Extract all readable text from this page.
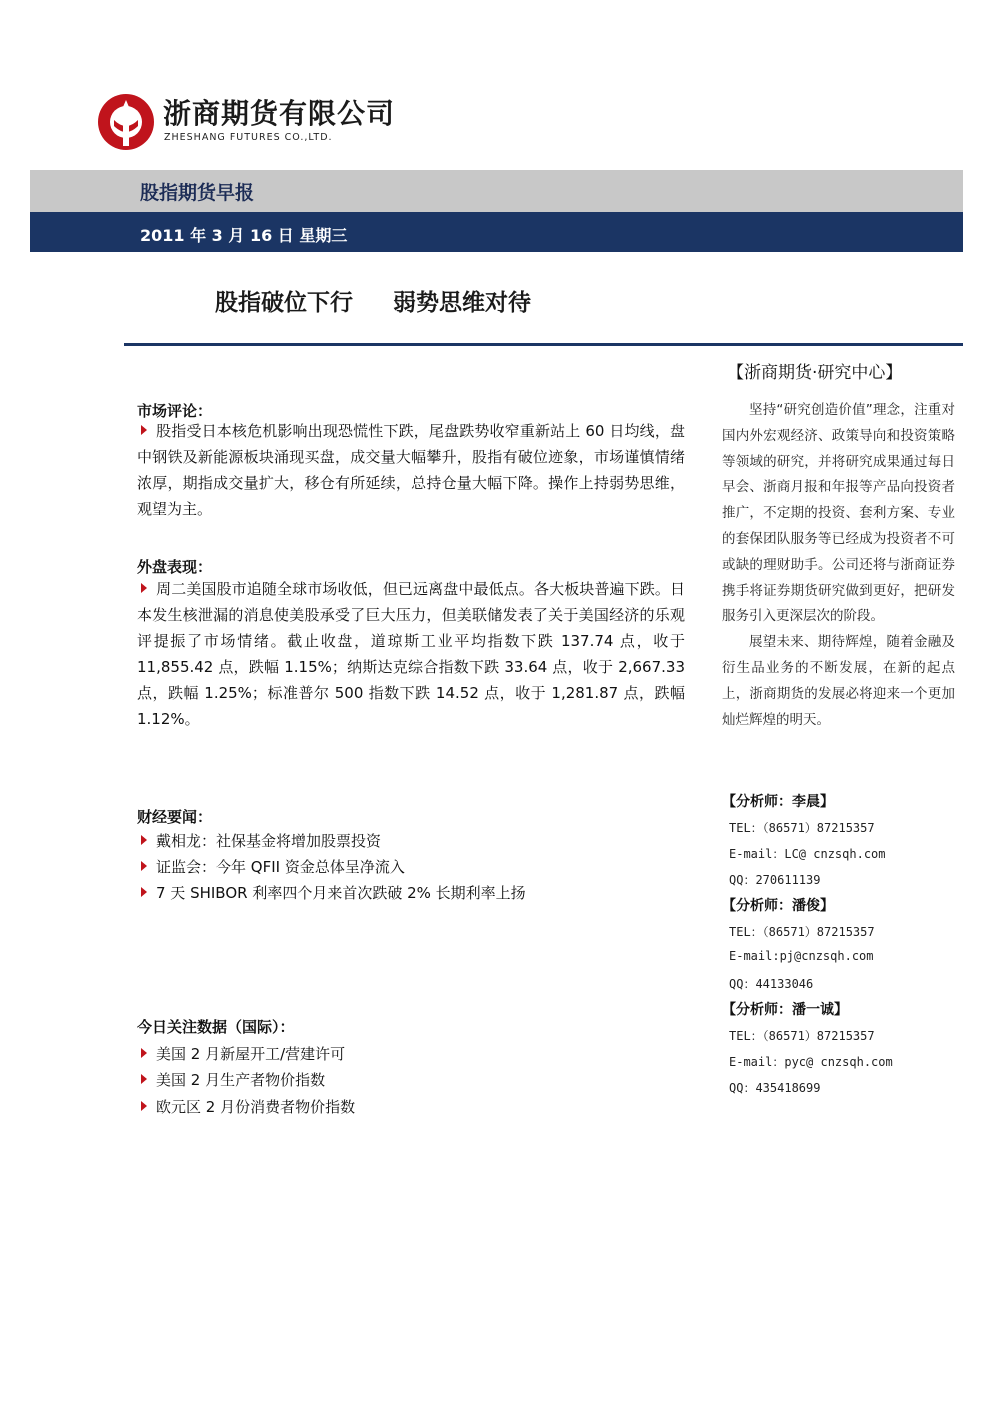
浙商期货有限公司
ZHESHANG FUTURES CO.,LTD.
股指期货早报
2011 年 3 月 16 日 星期三
股指破位下行     弱势思维对待
市场评论：
股指受日本核危机影响出现恐慌性下跌，尾盘跌势收窄重新站上 60 日均线，盘中钢铁及新能源板块涌现买盘，成交量大幅攀升，股指有破位迹象，市场谨慎情绪浓厚，期指成交量扩大，移仓有所延续，总持仓量大幅下降。操作上持弱势思维，观望为主。
外盘表现：
周二美国股市追随全球市场收低，但已远离盘中最低点。各大板块普遍下跌。日本发生核泄漏的消息使美股承受了巨大压力，但美联储发表了关于美国经济的乐观评提振了市场情绪。截止收盘，道琼斯工业平均指数下跌 137.74 点，收于 11,855.42 点，跌幅 1.15%；纳斯达克综合指数下跌 33.64 点，收于 2,667.33 点，跌幅 1.25%；标准普尔 500 指数下跌 14.52 点，收于 1,281.87 点，跌幅 1.12%。
财经要闻：
戴相龙：社保基金将增加股票投资
证监会：今年 QFII 资金总体呈净流入
7 天 SHIBOR 利率四个月来首次跌破 2% 长期利率上扬
今日关注数据（国际）：
美国 2 月新屋开工/营建许可
美国 2 月生产者物价指数
欧元区 2 月份消费者物价指数
【浙商期货·研究中心】

坚持“研究创造价值”理念，注重对国内外宏观经济、政策导向和投资策略等领域的研究，并将研究成果通过每日早会、浙商月报和年报等产品向投资者推广，不定期的投资、套利方案、专业的套保团队服务等已经成为投资者不可或缺的理财助手。公司还将与浙商证券携手将证券期货研究做到更好，把研发服务引入更深层次的阶段。

展望未来、期待辉煌，随着金融及衍生品业务的不断发展，在新的起点上，浙商期货的发展必将迎来一个更加灿烂辉煌的明天。

【分析师：李晨】
TEL：（86571）87215357
E-mail：LC@ cnzsqh.com
QQ：270611139
【分析师：潘俊】
TEL：（86571）87215357
E-mail:pj@cnzsqh.com
QQ：44133046
【分析师：潘一诚】
TEL：（86571）87215357
E-mail：pyc@ cnzsqh.com
QQ：435418699
